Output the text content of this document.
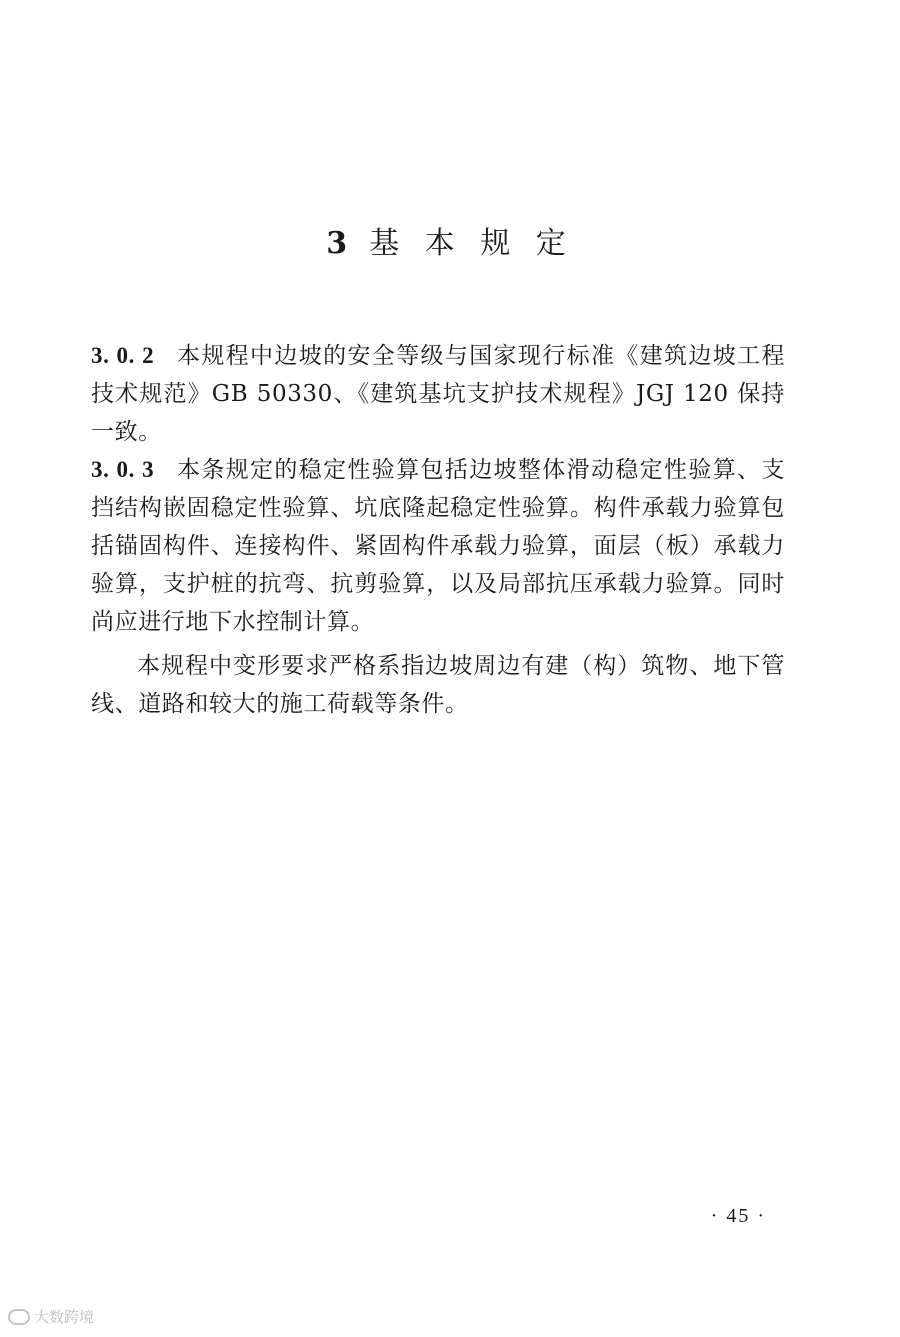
3 基 本 规 定

3. 0. 2 本规程中边坡的安全等级与国家现行标准《建筑边坡工程技术规范》GB 50330、《建筑基坑支护技术规程》JGJ 120 保持一致。

3. 0. 3 本条规定的稳定性验算包括边坡整体滑动稳定性验算、支挡结构嵌固稳定性验算、坑底隆起稳定性验算。构件承载力验算包括锚固构件、连接构件、紧固构件承载力验算，面层（板）承载力验算，支护桩的抗弯、抗剪验算，以及局部抗压承载力验算。同时尚应进行地下水控制计算。

本规程中变形要求严格系指边坡周边有建（构）筑物、地下管线、道路和较大的施工荷载等条件。

· 45 ·
大数跨境
